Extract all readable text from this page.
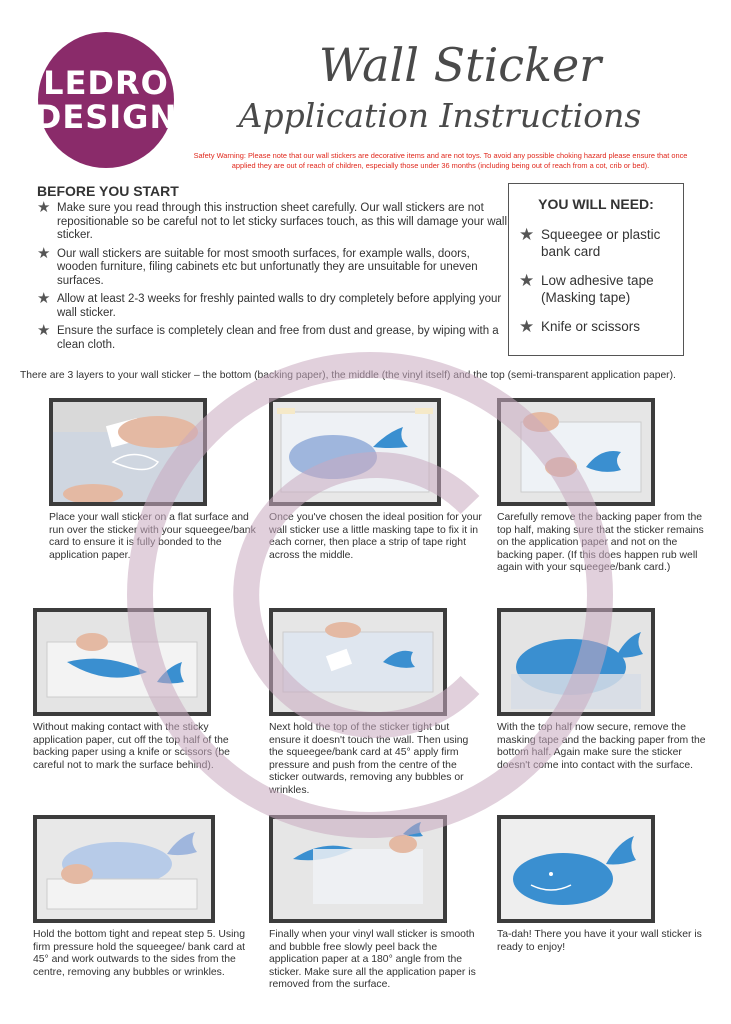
LEDRO
DESIGN
Wall Sticker
Application Instructions
Safety Warning: Please note that our wall stickers are decorative items and are not toys. To avoid any possible choking hazard please ensure that once applied they are out of reach of children, especially those under 36 months (including being out of reach from a cot, crib or bed).
BEFORE YOU START
★ Make sure you read through this instruction sheet carefully. Our wall stickers are not repositionable so be careful not to let sticky surfaces touch, as this will damage your wall sticker.
★ Our wall stickers are suitable for most smooth surfaces, for example walls, doors, wooden furniture, filing cabinets etc but unfortunatly they are unsuitable for uneven surfaces.
★ Allow at least 2-3 weeks for freshly painted walls to dry completely before applying your wall sticker.
★ Ensure the surface is completely clean and free from dust and grease, by wiping with a clean cloth.
YOU WILL NEED:
★ Squeegee or plastic bank card
★ Low adhesive tape (Masking tape)
★ Knife or scissors
There are 3 layers to your wall sticker – the bottom (backing paper), the middle (the vinyl itself) and the top (semi-transparent application paper).
Place your wall sticker on a flat surface and run over the sticker with your squeegee/bank card to ensure it is fully bonded to the application paper.
Once you've chosen the ideal position for your wall sticker use a little masking tape to fix it in each corner, then place a strip of tape right across the middle.
Carefully remove the backing paper from the top half, making sure that the sticker remains on the application paper and not on the backing paper. (If this does happen rub well again with your squeegee/bank card.)
Without making contact with the sticky application paper, cut off the top half of the backing paper using a knife or scissors (be careful not to mark the surface behind).
Next hold the top of the sticker tight but ensure it doesn't touch the wall. Then using the squeegee/bank card at 45° apply firm pressure and push from the centre of the sticker outwards, removing any bubbles or wrinkles.
With the top half now secure, remove the masking tape and the backing paper from the bottom half. Again make sure the sticker doesn't come into contact with the surface.
Hold the bottom tight and repeat step 5. Using firm pressure hold the squeegee/ bank card at 45° and work outwards to the sides from the centre, removing any bubbles or wrinkles.
Finally when your vinyl wall sticker is smooth and bubble free slowly peel back the application paper at a 180° angle from the sticker. Make sure all the application paper is removed from the surface.
Ta-dah! There you have it your wall sticker is ready to enjoy!
